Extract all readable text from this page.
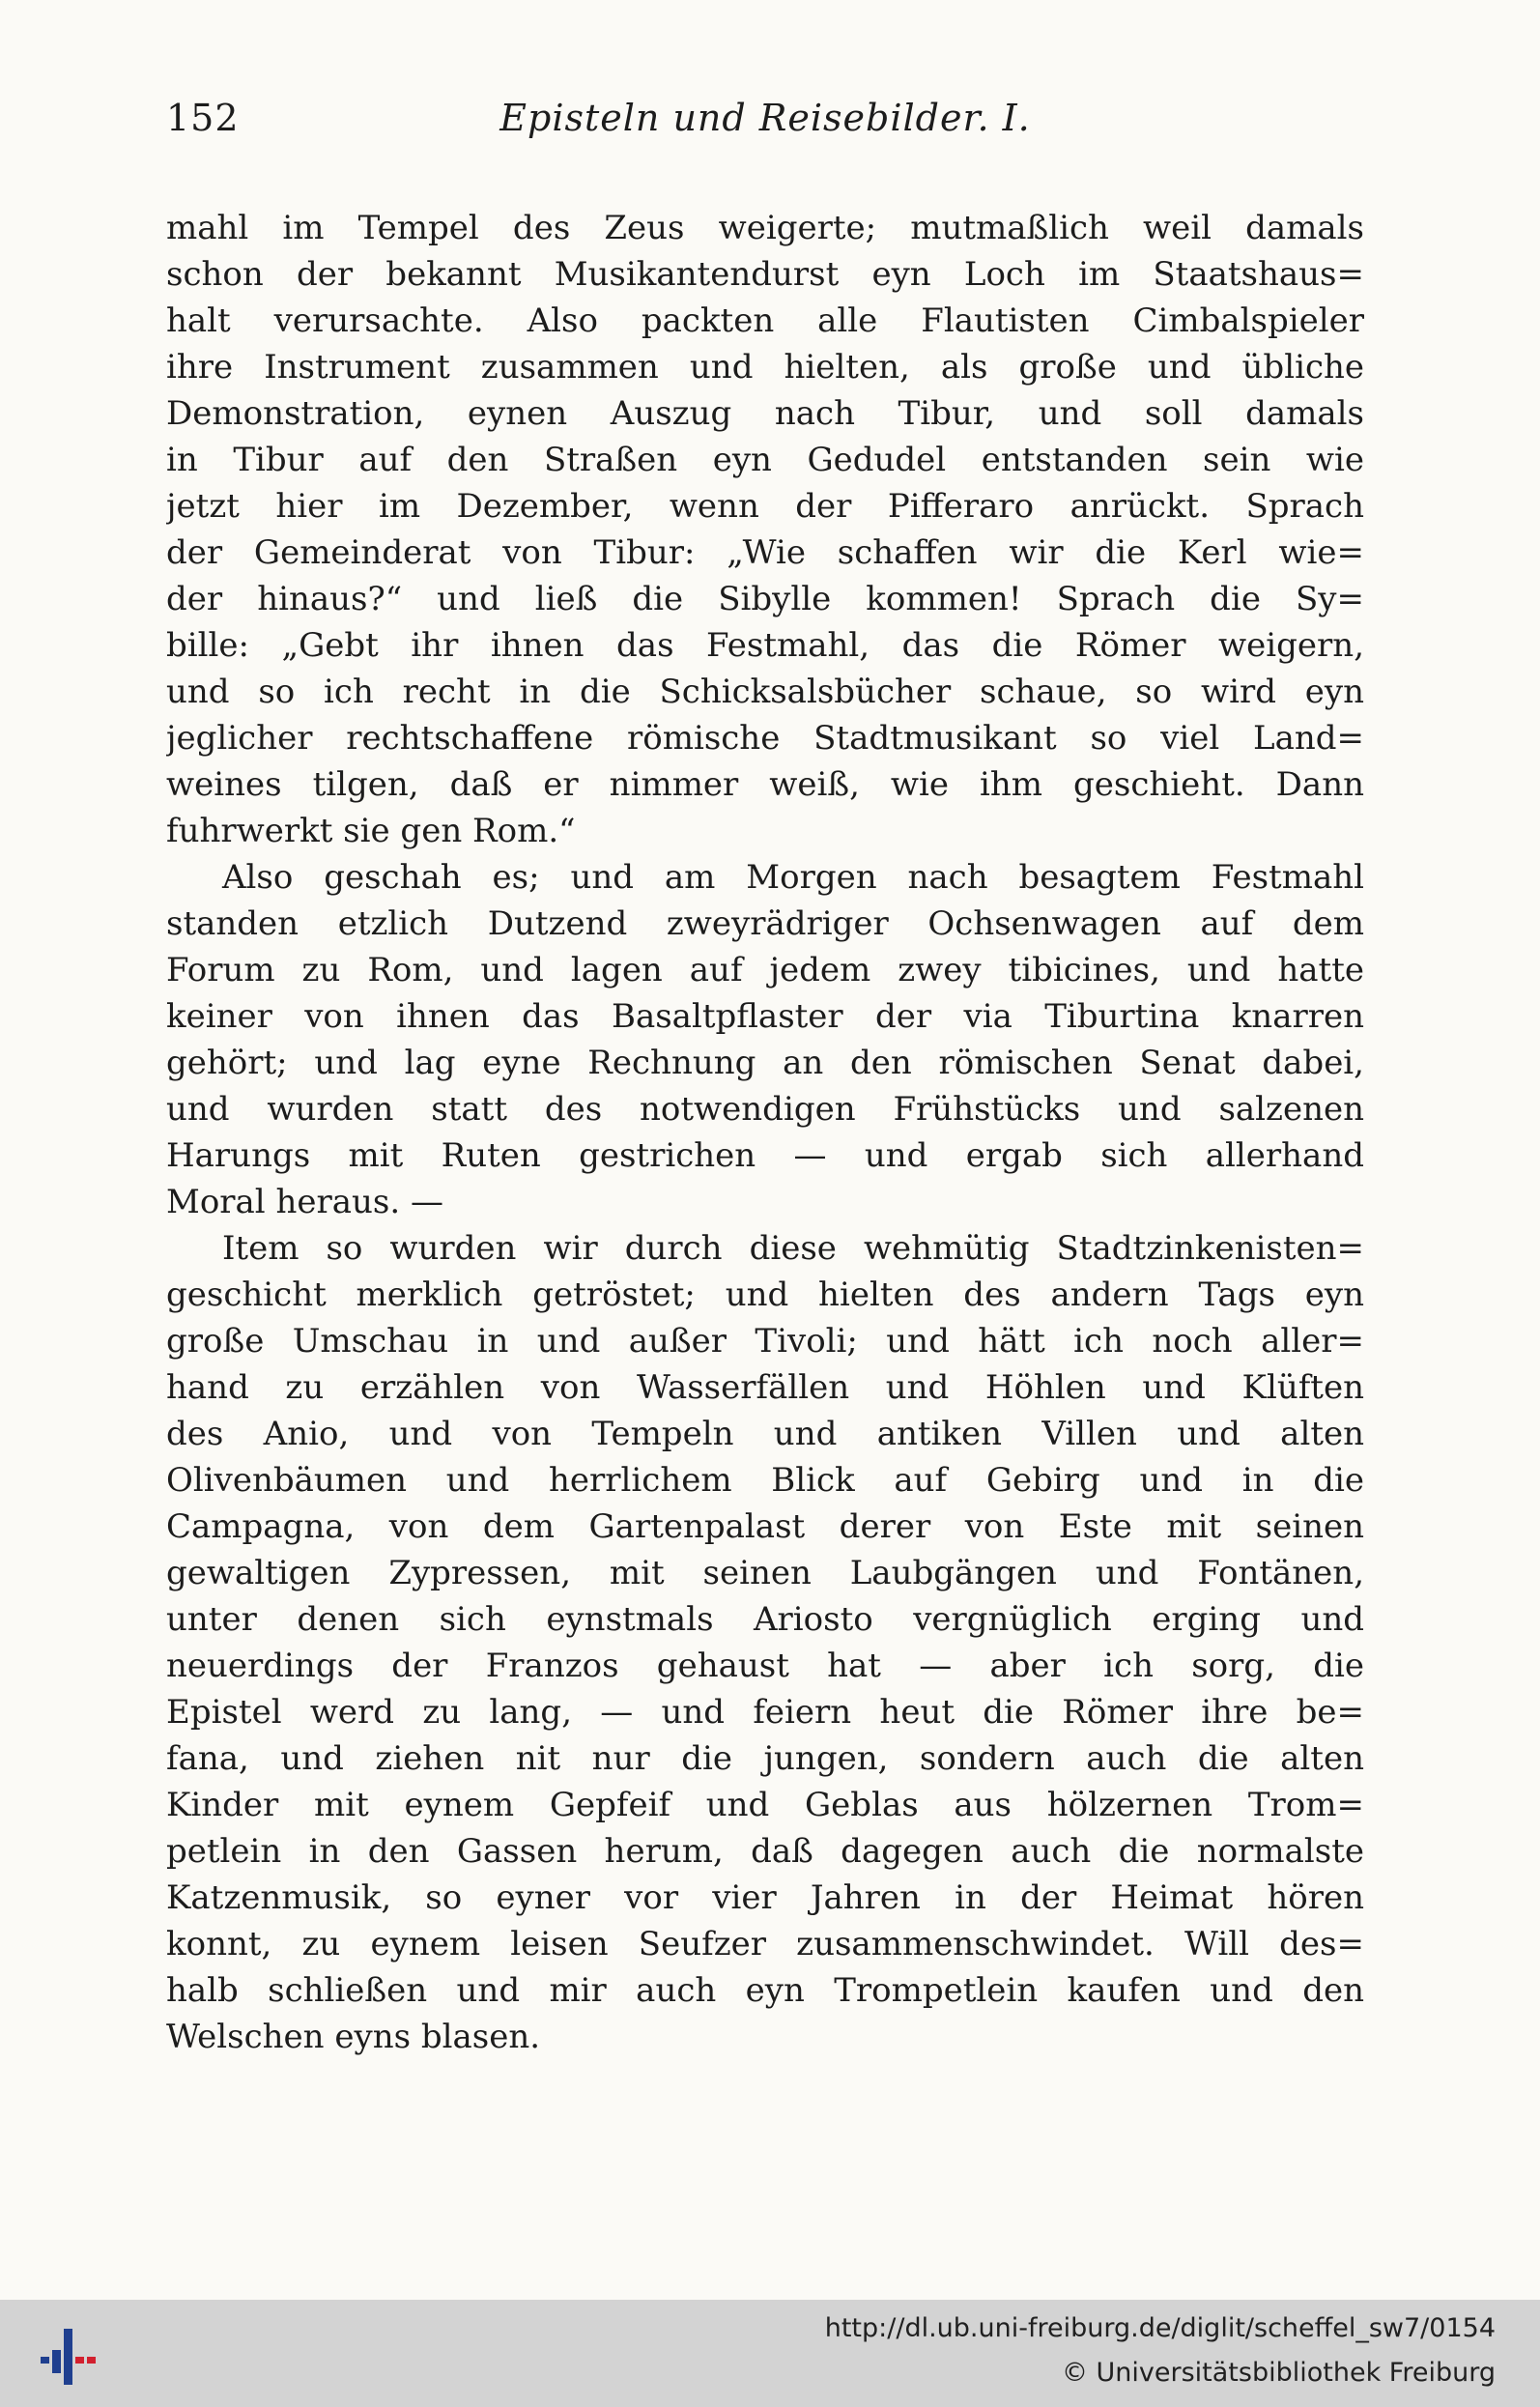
152	Episteln und Reisebilder. I.
mahl im Tempel des Zeus weigerte; mutmaßlich weil damals
schon der bekannt Musikantendurst eyn Loch im Staatshaus=
halt verursachte. Also packten alle Flautisten Cimbalspieler
ihre Instrument zusammen und hielten, als große und übliche
Demonstration, eynen Auszug nach Tibur, und soll damals
in Tibur auf den Straßen eyn Gedudel entstanden sein wie
jetzt hier im Dezember, wenn der Pifferaro anrückt. Sprach
der Gemeinderat von Tibur: „Wie schaffen wir die Kerl wie=
der hinaus?“ und ließ die Sibylle kommen! Sprach die Sy=
bille: „Gebt ihr ihnen das Festmahl, das die Römer weigern,
und so ich recht in die Schicksalsbücher schaue, so wird eyn
jeglicher rechtschaffene römische Stadtmusikant so viel Land=
weines tilgen, daß er nimmer weiß, wie ihm geschieht. Dann
fuhrwerkt sie gen Rom.“
Also geschah es; und am Morgen nach besagtem Festmahl
standen etzlich Dutzend zweyrädriger Ochsenwagen auf dem
Forum zu Rom, und lagen auf jedem zwey tibicines, und hatte
keiner von ihnen das Basaltpflaster der via Tiburtina knarren
gehört; und lag eyne Rechnung an den römischen Senat dabei,
und wurden statt des notwendigen Frühstücks und salzenen
Harungs mit Ruten gestrichen — und ergab sich allerhand
Moral heraus. —
Item so wurden wir durch diese wehmütig Stadtzinkenisten=
geschicht merklich getröstet; und hielten des andern Tags eyn
große Umschau in und außer Tivoli; und hätt ich noch aller=
hand zu erzählen von Wasserfällen und Höhlen und Klüften
des Anio, und von Tempeln und antiken Villen und alten
Olivenbäumen und herrlichem Blick auf Gebirg und in die
Campagna, von dem Gartenpalast derer von Este mit seinen
gewaltigen Zypressen, mit seinen Laubgängen und Fontänen,
unter denen sich eynstmals Ariosto vergnüglich erging und
neuerdings der Franzos gehaust hat — aber ich sorg, die
Epistel werd zu lang, — und feiern heut die Römer ihre be=
fana, und ziehen nit nur die jungen, sondern auch die alten
Kinder mit eynem Gepfeif und Geblas aus hölzernen Trom=
petlein in den Gassen herum, daß dagegen auch die normalste
Katzenmusik, so eyner vor vier Jahren in der Heimat hören
konnt, zu eynem leisen Seufzer zusammenschwindet. Will des=
halb schließen und mir auch eyn Trompetlein kaufen und den
Welschen eyns blasen.
http://dl.ub.uni-freiburg.de/diglit/scheffel_sw7/0154
© Universitätsbibliothek Freiburg
